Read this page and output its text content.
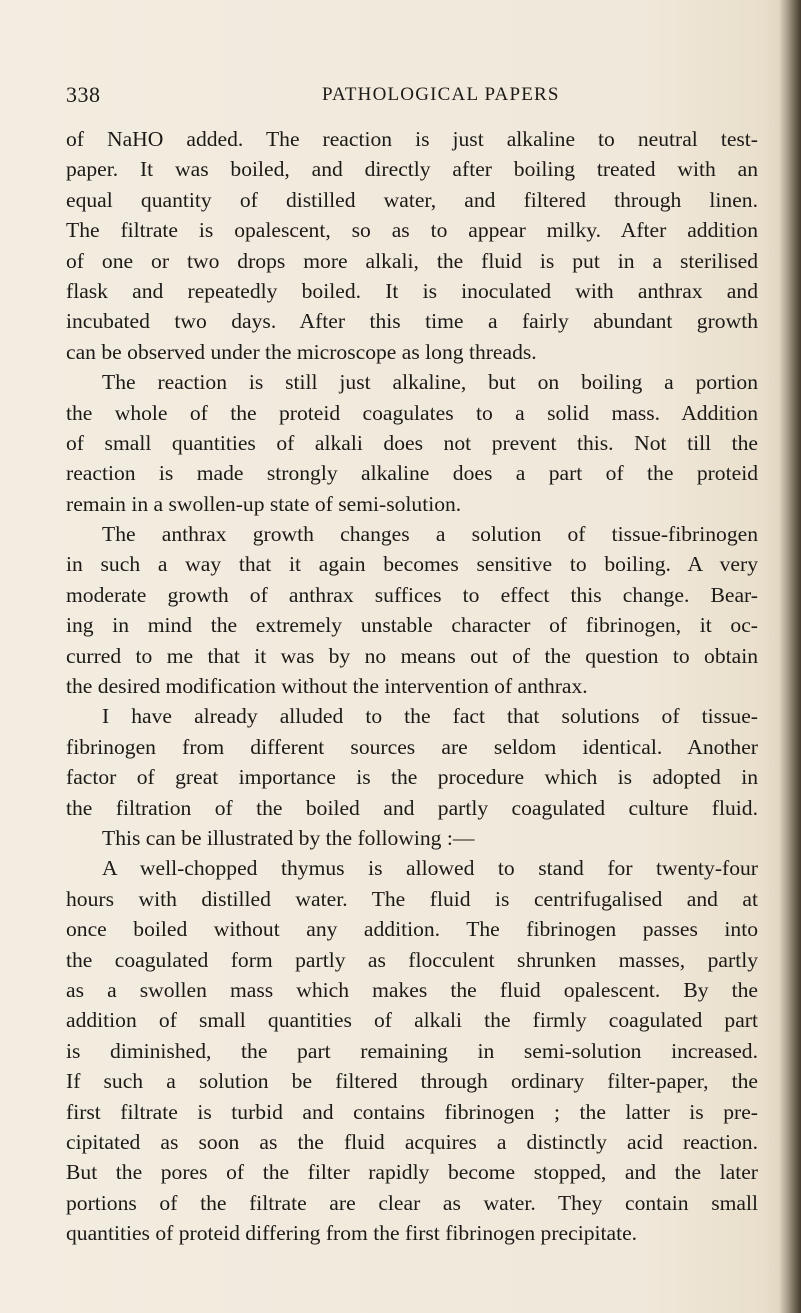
338	PATHOLOGICAL PAPERS
of NaHO added. The reaction is just alkaline to neutral test-
paper. It was boiled, and directly after boiling treated with an
equal quantity of distilled water, and filtered through linen.
The filtrate is opalescent, so as to appear milky. After addition
of one or two drops more alkali, the fluid is put in a sterilised
flask and repeatedly boiled. It is inoculated with anthrax and
incubated two days. After this time a fairly abundant growth
can be observed under the microscope as long threads.
The reaction is still just alkaline, but on boiling a portion
the whole of the proteid coagulates to a solid mass. Addition
of small quantities of alkali does not prevent this. Not till the
reaction is made strongly alkaline does a part of the proteid
remain in a swollen-up state of semi-solution.
The anthrax growth changes a solution of tissue-fibrinogen
in such a way that it again becomes sensitive to boiling. A very
moderate growth of anthrax suffices to effect this change. Bear-
ing in mind the extremely unstable character of fibrinogen, it oc-
curred to me that it was by no means out of the question to obtain
the desired modification without the intervention of anthrax.
I have already alluded to the fact that solutions of tissue-
fibrinogen from different sources are seldom identical. Another
factor of great importance is the procedure which is adopted in
the filtration of the boiled and partly coagulated culture fluid.
This can be illustrated by the following :—
A well-chopped thymus is allowed to stand for twenty-four
hours with distilled water. The fluid is centrifugalised and at
once boiled without any addition. The fibrinogen passes into
the coagulated form partly as flocculent shrunken masses, partly
as a swollen mass which makes the fluid opalescent. By the
addition of small quantities of alkali the firmly coagulated part
is diminished, the part remaining in semi-solution increased.
If such a solution be filtered through ordinary filter-paper, the
first filtrate is turbid and contains fibrinogen ; the latter is pre-
cipitated as soon as the fluid acquires a distinctly acid reaction.
But the pores of the filter rapidly become stopped, and the later
portions of the filtrate are clear as water. They contain small
quantities of proteid differing from the first fibrinogen precipitate.
